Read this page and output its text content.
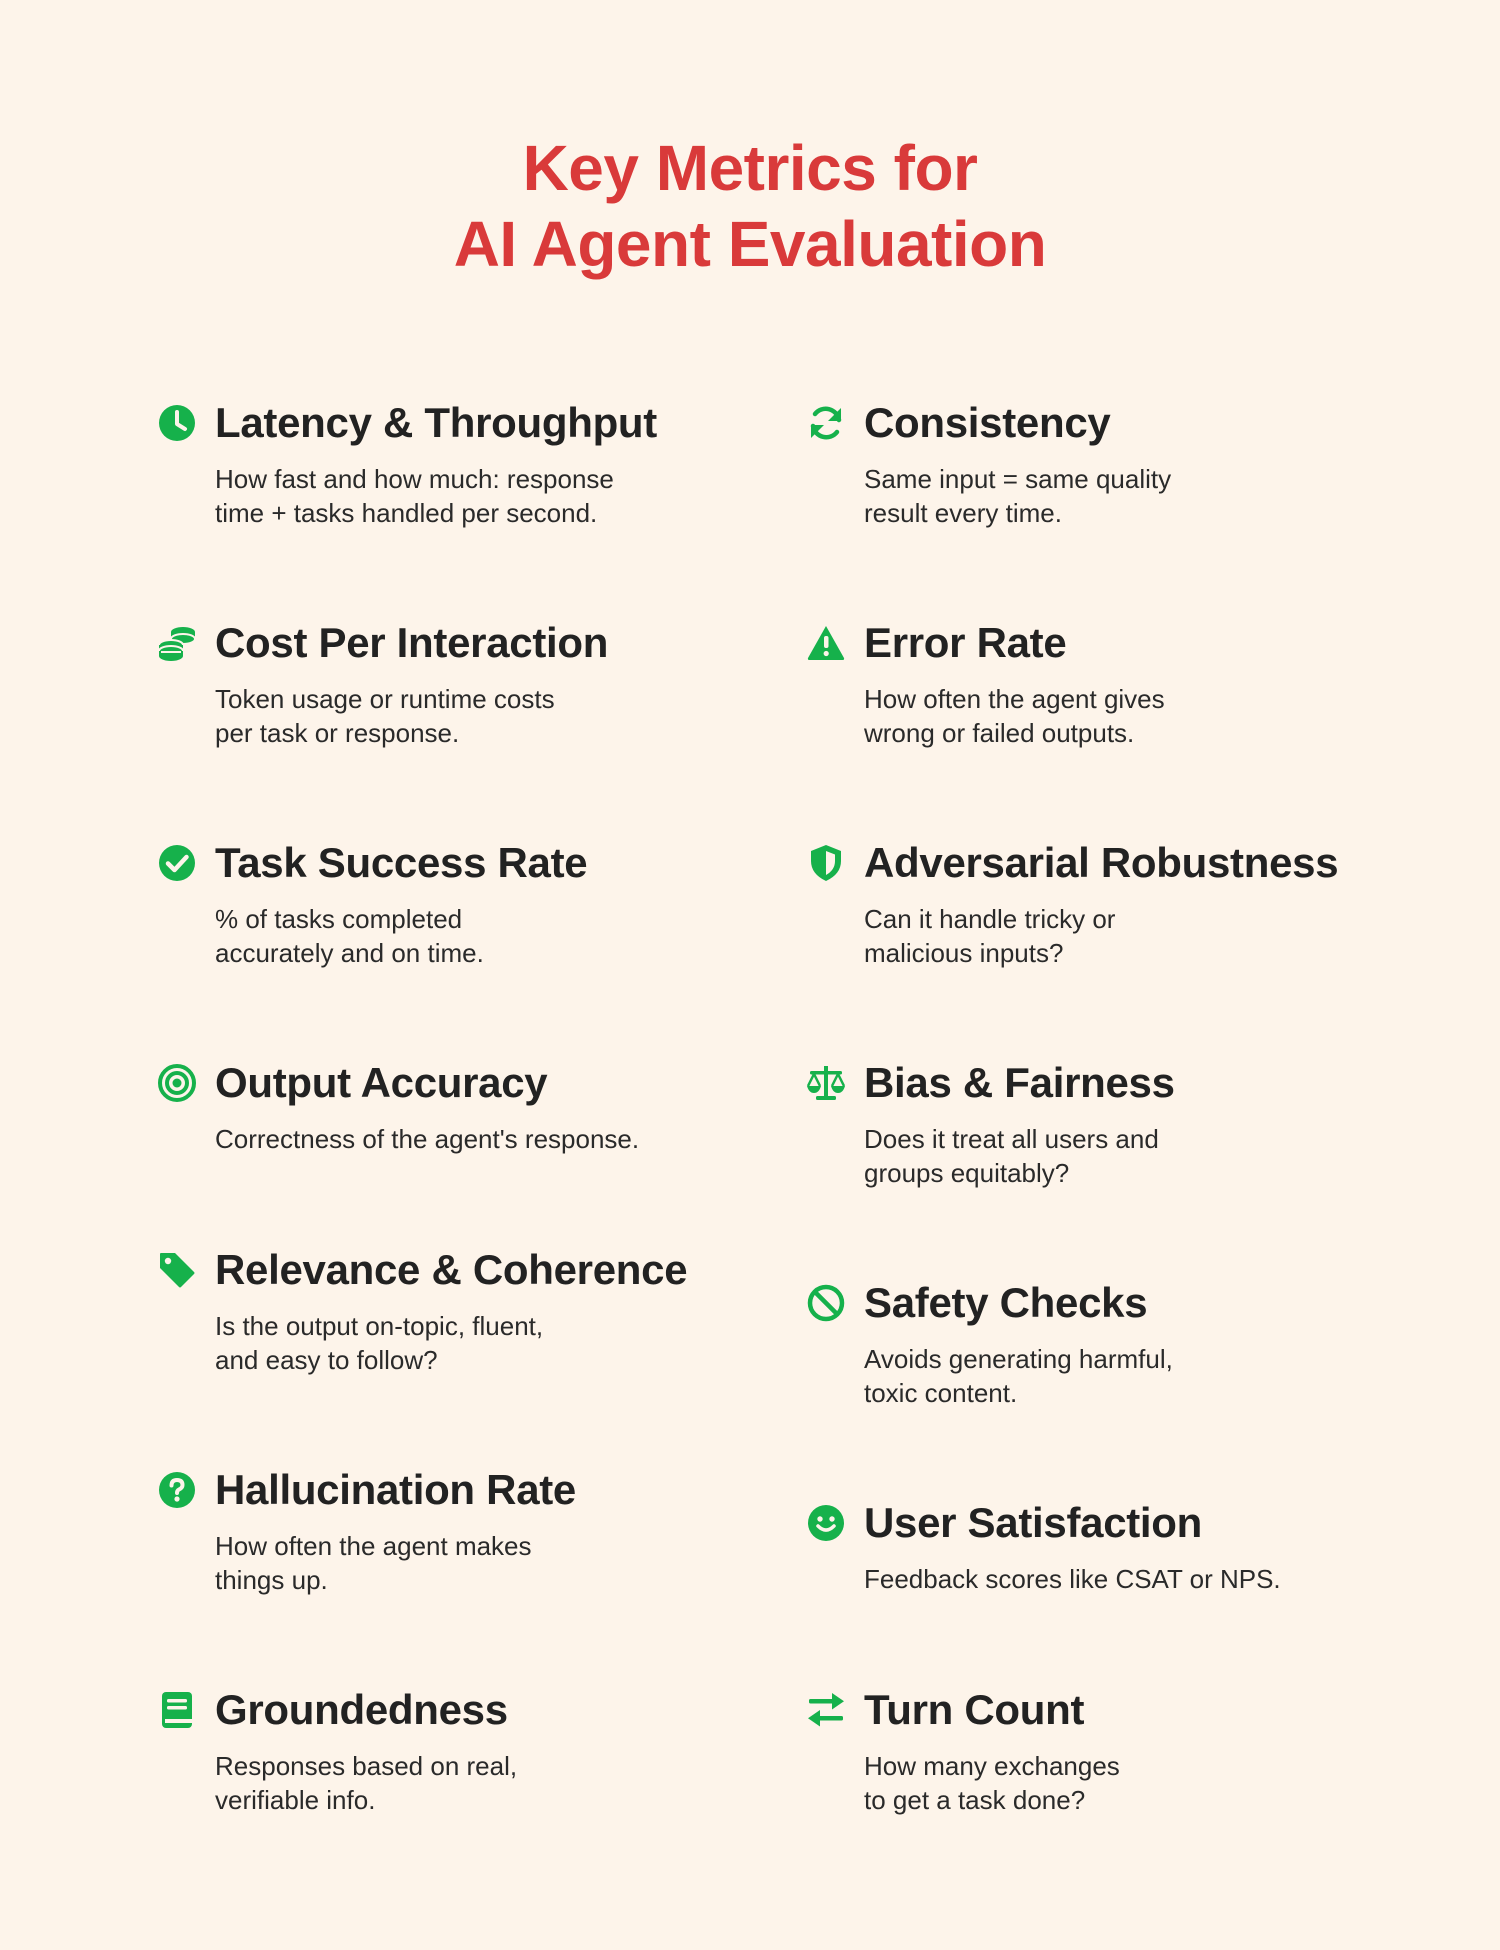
Key Metrics for
AI Agent Evaluation
Latency & Throughput
How fast and how much: response
time + tasks handled per second.
Cost Per Interaction
Token usage or runtime costs
per task or response.
Task Success Rate
% of tasks completed
accurately and on time.
Output Accuracy
Correctness of the agent's response.
Relevance & Coherence
Is the output on-topic, fluent,
and easy to follow?
Hallucination Rate
How often the agent makes
things up.
Groundedness
Responses based on real,
verifiable info.
Consistency
Same input = same quality
result every time.
Error Rate
How often the agent gives
wrong or failed outputs.
Adversarial Robustness
Can it handle tricky or
malicious inputs?
Bias & Fairness
Does it treat all users and
groups equitably?
Safety Checks
Avoids generating harmful,
toxic content.
User Satisfaction
Feedback scores like CSAT or NPS.
Turn Count
How many exchanges
to get a task done?
